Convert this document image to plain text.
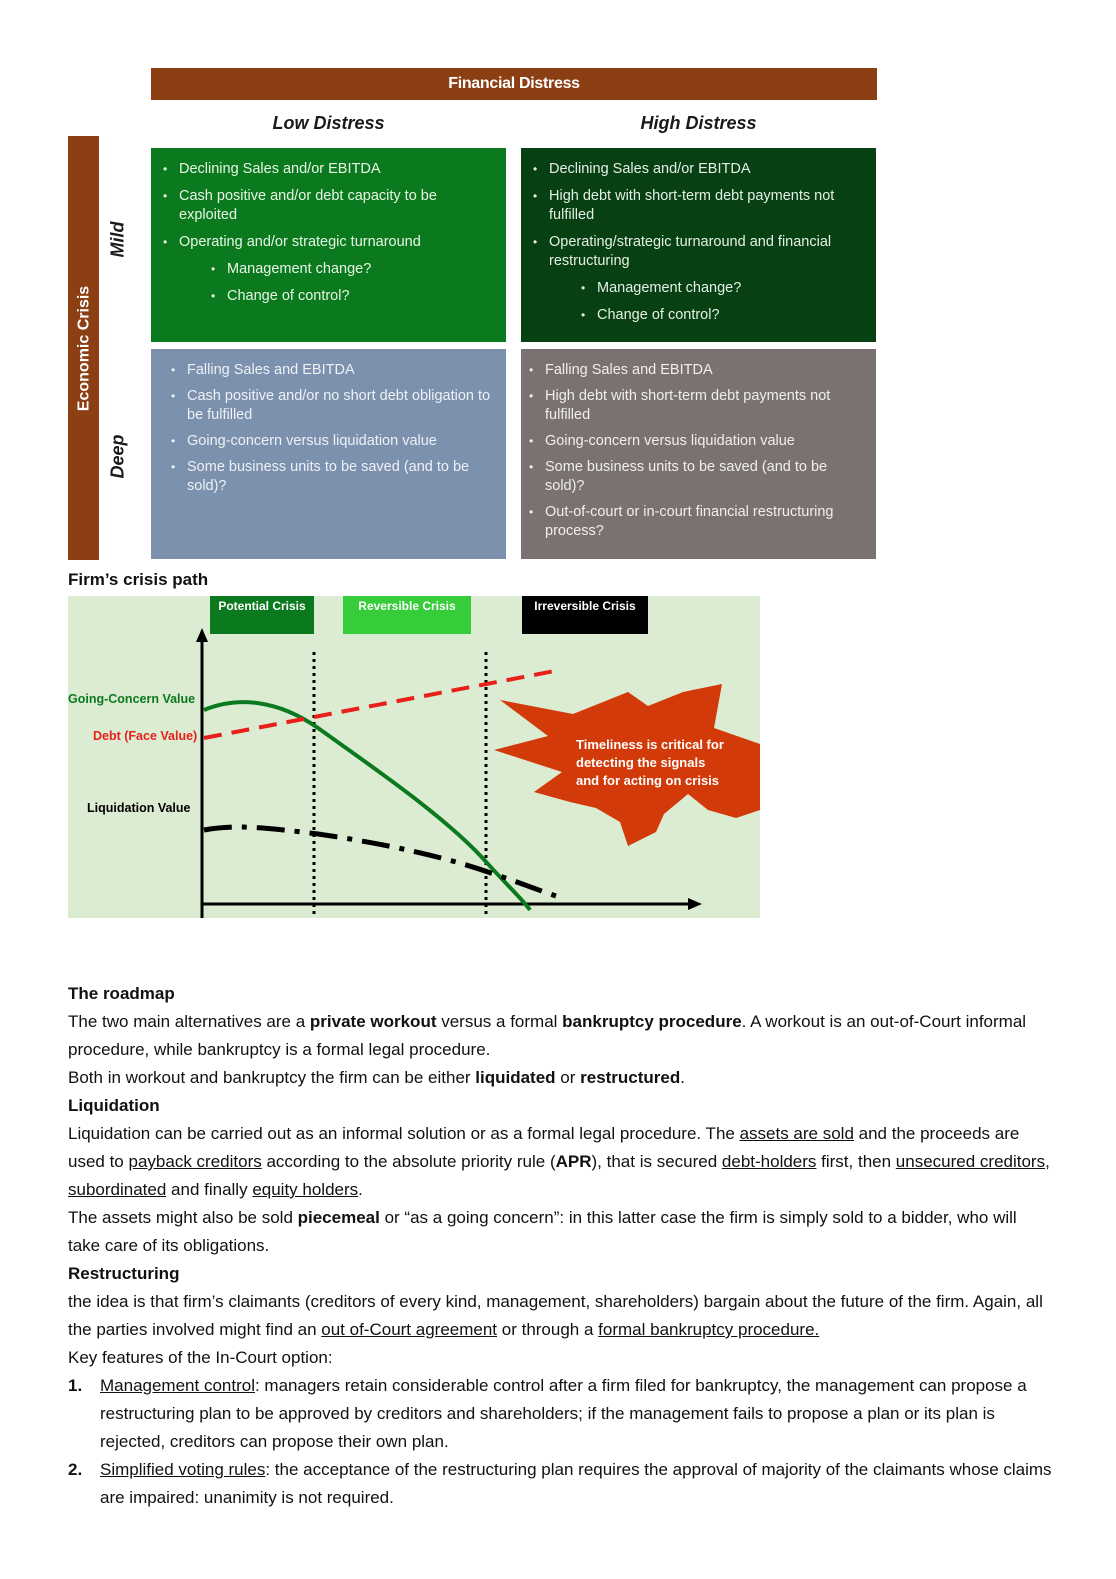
Financial Distress
Low Distress	High Distress
Economic Crisis
Mild
Deep
• Declining Sales and/or EBITDA
• Cash positive and/or debt capacity to be exploited
• Operating and/or strategic turnaround
• Management change?
• Change of control?
• Declining Sales and/or EBITDA
• High debt with short-term debt payments not fulfilled
• Operating/strategic turnaround and financial restructuring
• Management change?
• Change of control?
• Falling Sales and EBITDA
• Cash positive and/or no short debt obligation to be fulfilled
• Going-concern versus liquidation value
• Some business units to be saved (and to be sold)?
• Falling Sales and EBITDA
• High debt with short-term debt payments not fulfilled
• Going-concern versus liquidation value
• Some business units to be saved (and to be sold)?
• Out-of-court or in-court financial restructuring process?
Firm’s crisis path
Potential Crisis	Reversible Crisis	Irreversible Crisis
Timeliness is critical for
detecting the signals
and for acting on crisis
Going-Concern Value
Debt (Face Value)
Liquidation Value
The roadmap

The two main alternatives are a private workout versus a formal bankruptcy procedure. A workout is an out-of-Court informal procedure, while bankruptcy is a formal legal procedure.

Both in workout and bankruptcy the firm can be either liquidated or restructured.

Liquidation

Liquidation can be carried out as an informal solution or as a formal legal procedure. The assets are sold and the proceeds are used to payback creditors according to the absolute priority rule (APR), that is secured debt-holders first, then unsecured creditors, subordinated and finally equity holders.

The assets might also be sold piecemeal or “as a going concern”: in this latter case the firm is simply sold to a bidder, who will take care of its obligations.

Restructuring

the idea is that firm’s claimants (creditors of every kind, management, shareholders) bargain about the future of the firm. Again, all the parties involved might find an out of-Court agreement or through a formal bankruptcy procedure.

Key features of the In-Court option:

1. Management control: managers retain considerable control after a firm filed for bankruptcy, the management can propose a restructuring plan to be approved by creditors and shareholders; if the management fails to propose a plan or its plan is rejected, creditors can propose their own plan.
2. Simplified voting rules: the acceptance of the restructuring plan requires the approval of majority of the claimants whose claims are impaired: unanimity is not required.
